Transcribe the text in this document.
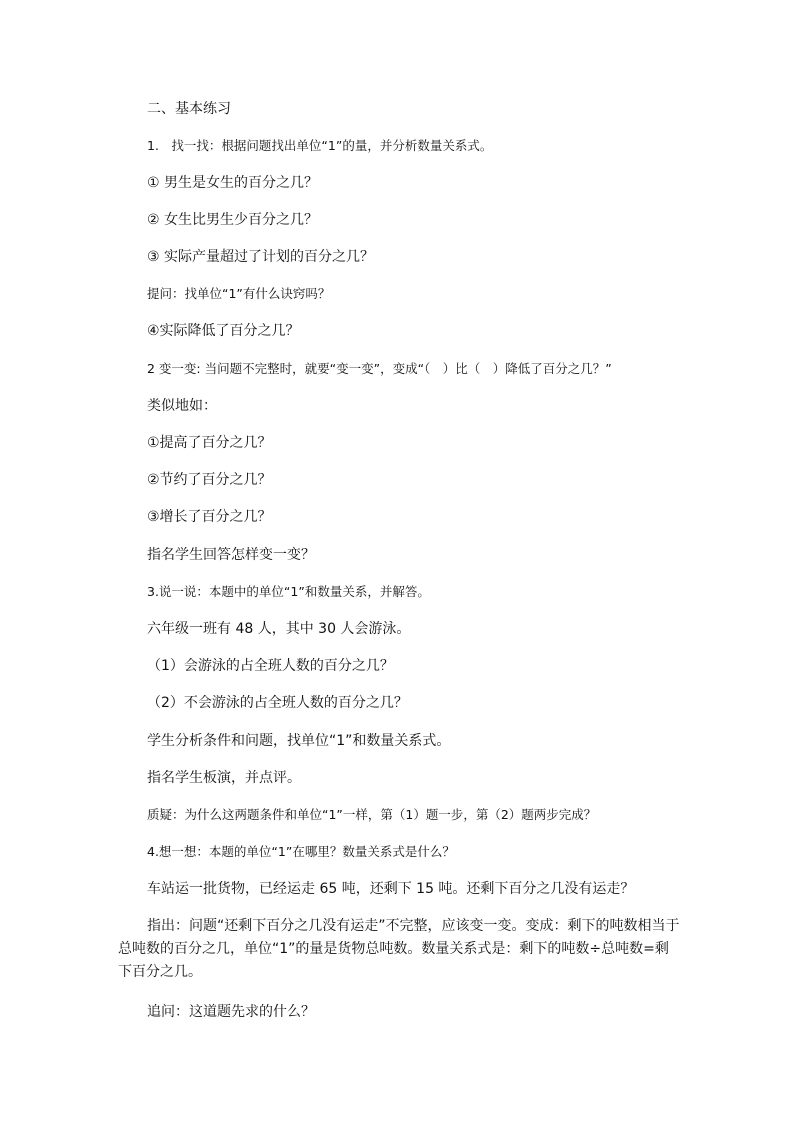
二、基本练习
1.　找一找：根据问题找出单位“1”的量，并分析数量关系式。
① 男生是女生的百分之几？
② 女生比男生少百分之几？
③ 实际产量超过了计划的百分之几？
提问：找单位“1”有什么诀窍吗？
④实际降低了百分之几？
2 变一变: 当问题不完整时，就要“变一变”，变成“（　）比（　）降低了百分之几？”
类似地如：
①提高了百分之几？
②节约了百分之几？
③增长了百分之几？
指名学生回答怎样变一变？
3.说一说：本题中的单位“1”和数量关系，并解答。
六年级一班有 48 人，其中 30 人会游泳。
（1）会游泳的占全班人数的百分之几？
（2）不会游泳的占全班人数的百分之几？
学生分析条件和问题，找单位“1”和数量关系式。
指名学生板演，并点评。
质疑：为什么这两题条件和单位“1”一样，第（1）题一步，第（2）题两步完成？
4.想一想：本题的单位“1”在哪里？数量关系式是什么？
车站运一批货物，已经运走 65 吨，还剩下 15 吨。还剩下百分之几没有运走？
指出：问题“还剩下百分之几没有运走”不完整，应该变一变。变成：剩下的吨数相当于总吨数的百分之几，单位“1”的量是货物总吨数。数量关系式是：剩下的吨数÷总吨数=剩下百分之几。
追问：这道题先求的什么？
